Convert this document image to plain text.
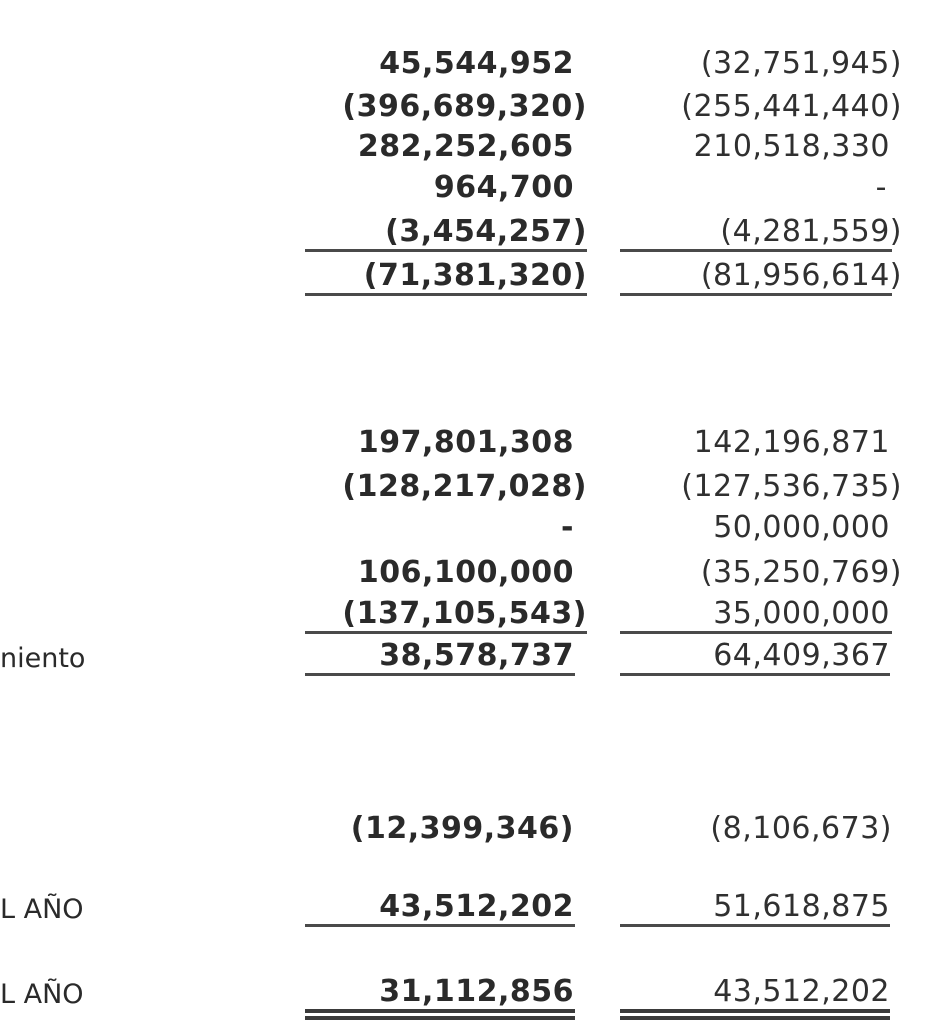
45,544,952	(32,751,945)
(396,689,320)	(255,441,440)
282,252,605	210,518,330
964,700	-
(3,454,257)	(4,281,559)
(71,381,320)	(81,956,614)
197,801,308	142,196,871
(128,217,028)	(127,536,735)
-	50,000,000
106,100,000	(35,250,769)
(137,105,543)	35,000,000
niento	38,578,737	64,409,367
(12,399,346)	(8,106,673)
L AÑO	43,512,202	51,618,875
L AÑO	31,112,856	43,512,202
